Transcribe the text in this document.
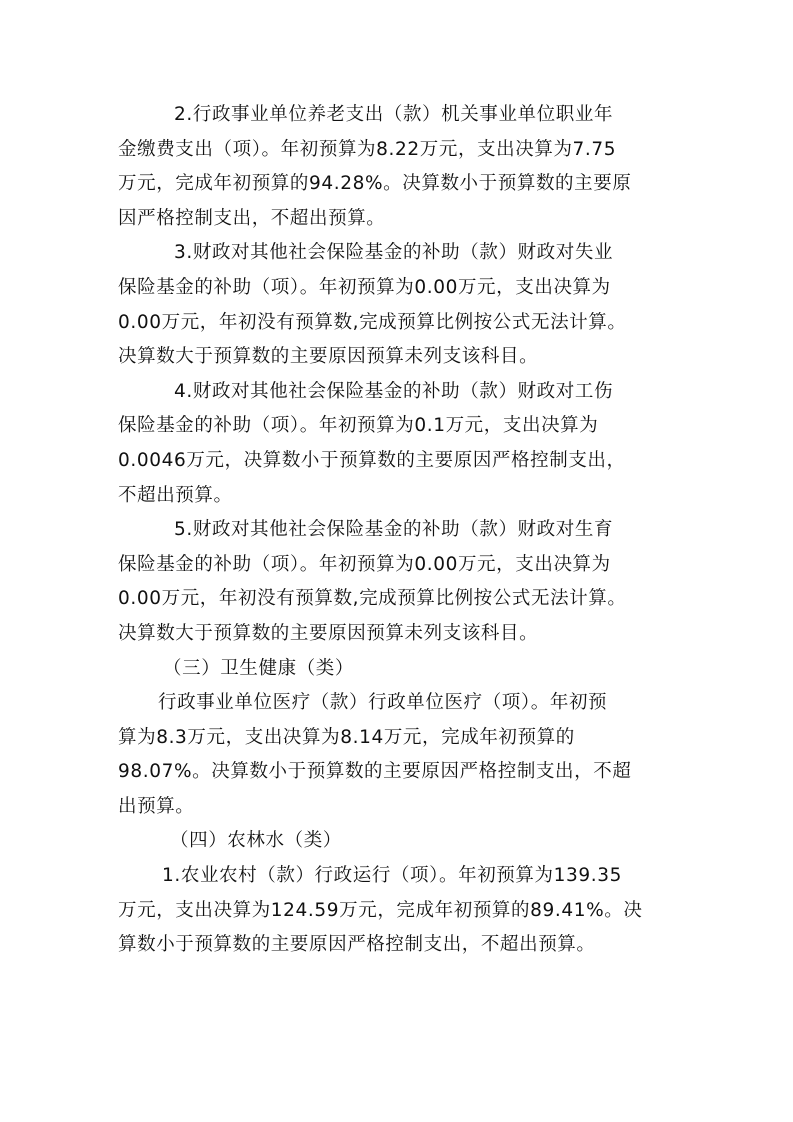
2.行政事业单位养老支出（款）机关事业单位职业年
金缴费支出（项）。年初预算为8.22万元，支出决算为7.75
万元，完成年初预算的94.28%。决算数小于预算数的主要原
因严格控制支出，不超出预算。
3.财政对其他社会保险基金的补助（款）财政对失业
保险基金的补助（项）。年初预算为0.00万元，支出决算为
0.00万元，年初没有预算数,完成预算比例按公式无法计算。
决算数大于预算数的主要原因预算未列支该科目。
4.财政对其他社会保险基金的补助（款）财政对工伤
保险基金的补助（项）。年初预算为0.1万元，支出决算为
0.0046万元，决算数小于预算数的主要原因严格控制支出，
不超出预算。
5.财政对其他社会保险基金的补助（款）财政对生育
保险基金的补助（项）。年初预算为0.00万元，支出决算为
0.00万元，年初没有预算数,完成预算比例按公式无法计算。
决算数大于预算数的主要原因预算未列支该科目。
（三）卫生健康（类）
行政事业单位医疗（款）行政单位医疗（项）。年初预
算为8.3万元，支出决算为8.14万元，完成年初预算的
98.07%。决算数小于预算数的主要原因严格控制支出，不超
出预算。
（四）农林水（类）
1.农业农村（款）行政运行（项）。年初预算为139.35
万元，支出决算为124.59万元，完成年初预算的89.41%。决
算数小于预算数的主要原因严格控制支出，不超出预算。
